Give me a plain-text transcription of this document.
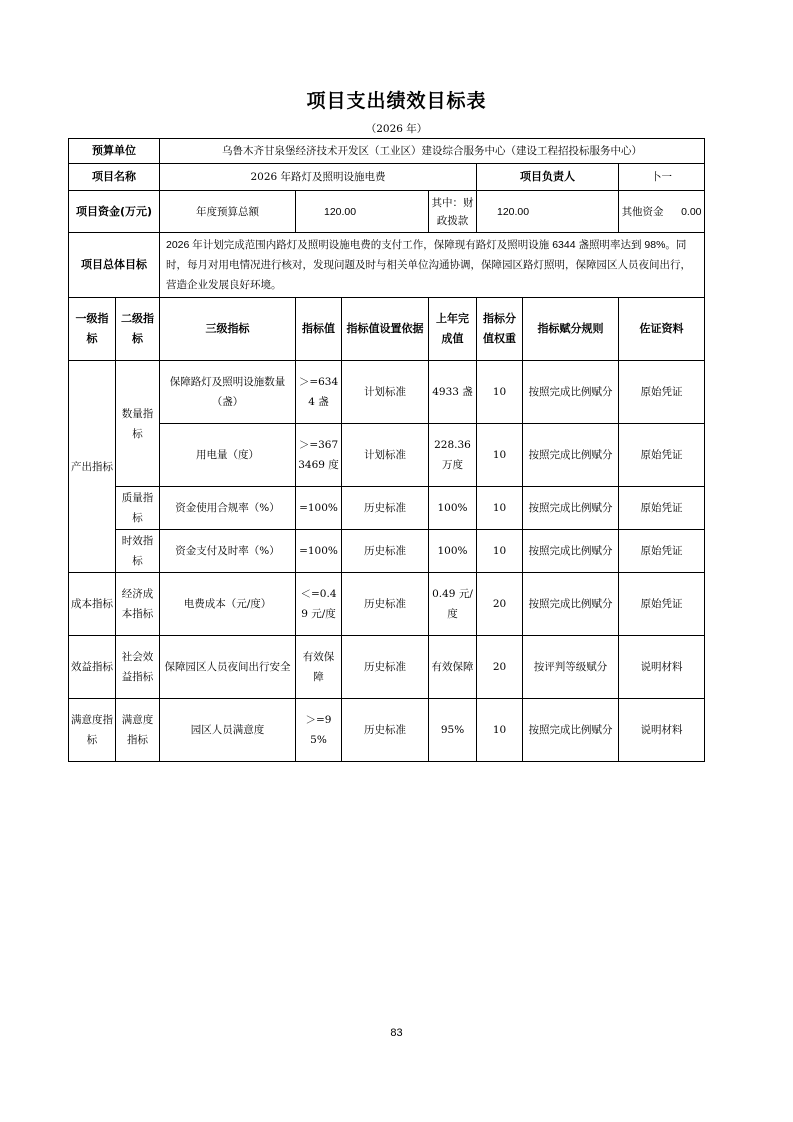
项目支出绩效目标表
（2026 年）
预算单位		乌鲁木齐甘泉堡经济技术开发区（工业区）建设综合服务中心（建设工程招投标服务中心）						
项目名称		2026 年路灯及照明设施电费				项目负责人		卜一
项目资金(万元)		年度预算总额	120.00		其中：财政拨款	120.00		其他资金 0.00
项目总体目标		2026 年计划完成范围内路灯及照明设施电费的支付工作，保障现有路灯及照明设施 6344 盏照明率达到 98%。同时，每月对用电情况进行核对，发现问题及时与相关单位沟通协调，保障园区路灯照明，保障园区人员夜间出行，营造企业发展良好环境。						
一级指标	二级指标	三级指标	指标值	指标值设置依据	上年完成值	指标分值权重	指标赋分规则	佐证资料
产出指标	数量指标	保障路灯及照明设施数量（盏）	＞=6344 盏	计划标准	4933 盏	10	按照完成比例赋分	原始凭证
		用电量（度）	＞=3673469 度	计划标准	228.36 万度	10	按照完成比例赋分	原始凭证
	质量指标	资金使用合规率（%）	=100%	历史标准	100%	10	按照完成比例赋分	原始凭证
	时效指标	资金支付及时率（%）	=100%	历史标准	100%	10	按照完成比例赋分	原始凭证
成本指标	经济成本指标	电费成本（元/度）	＜=0.49 元/度	历史标准	0.49 元/度	20	按照完成比例赋分	原始凭证
效益指标	社会效益指标	保障园区人员夜间出行安全	有效保障	历史标准	有效保障	20	按评判等级赋分	说明材料
满意度指标	满意度指标	园区人员满意度	＞=95%	历史标准	95%	10	按照完成比例赋分	说明材料
83
